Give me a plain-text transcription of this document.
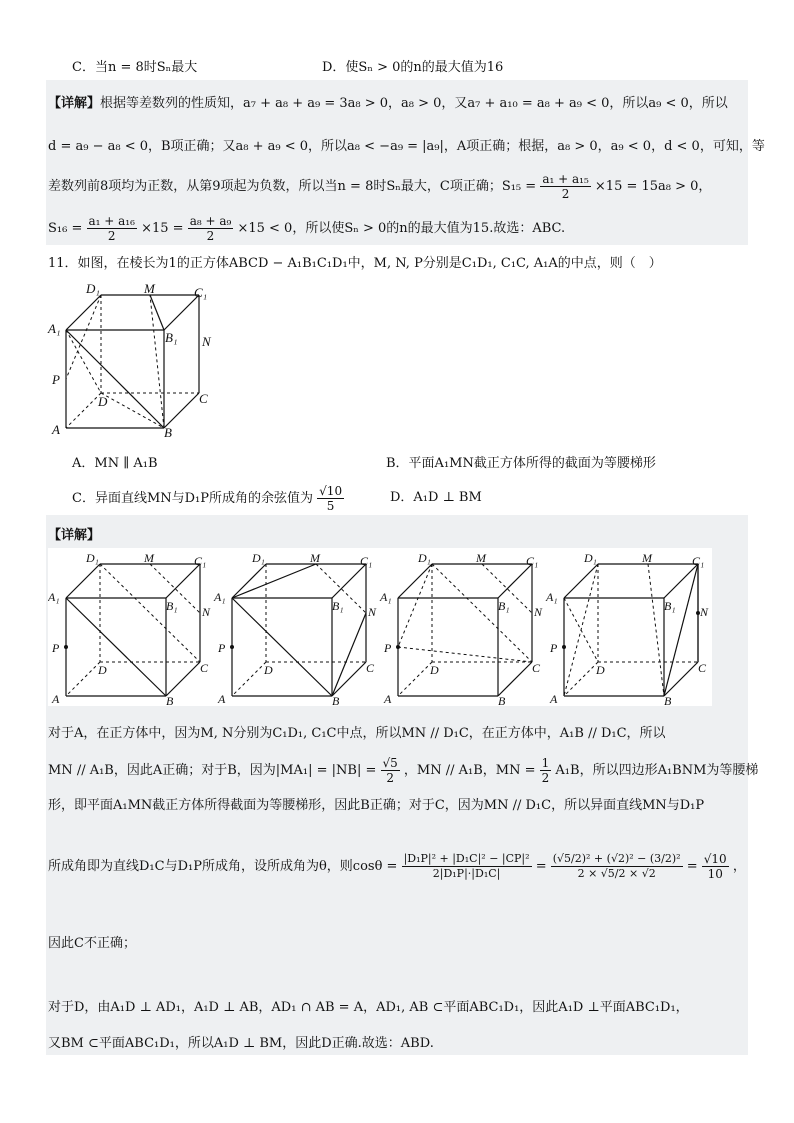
C．当n = 8时Sₙ最大	D．使Sₙ > 0的n的最大值为16
【详解】根据等差数列的性质知，a₇ + a₈ + a₉ = 3a₈ > 0，a₈ > 0，又a₇ + a₁₀ = a₈ + a₉ < 0，所以a₉ < 0，所以
d = a₉ − a₈ < 0，B项正确；又a₈ + a₉ < 0，所以a₈ < −a₉ = |a₉|，A项正确；根据，a₈ > 0，a₉ < 0，d < 0，可知，等
差数列前8项均为正数，从第9项起为负数，所以当n = 8时Sₙ最大，C项正确；$S_{15} = \frac{\text{a₁ + a₁₅}}{2} \times 15 = 15a_8 > 0$，
$S_{16} = \frac{\text{a₁ + a₁₆}}{2} \times 15 = \frac{\text{a₈ + a₉}}{2} \times 15 < 0$，所以使Sₙ > 0的n的最大值为15.故选：ABC.
11．如图，在棱长为1的正方体ABCD − A₁B₁C₁D₁中，M, N, P分别是C₁D₁, C₁C, A₁A的中点，则（　）
D₁	M	C₁
A₁
B₁ N
P
D	C
A	B
A．MN ∥ A₁B	B．平面A₁MN截正方体所得的截面为等腰梯形
C．异面直线MN与D₁P所成角的余弦值为 $\frac{√10}{5}$	D．A₁D ⊥ BM
【详解】
D₁	M	C₁
A₁
B₁ N
P
D	C
A	B
D₁	M	C₁
A₁
B₁ N
P
D	C
A	B
D₁	M	C₁
A₁
B₁ N
P
D	C
A	B
D₁	M	C₁
A₁
B₁ N
P
D	C
A	B
对于A，在正方体中，因为M, N分别为C₁D₁, C₁C中点，所以MN // D₁C，在正方体中，A₁B // D₁C，所以
MN // A₁B，因此A正确；对于B，因为$|MA_1| = |NB| = \frac{√5}{2}$ ，MN // A₁B，MN = $\frac{1}{2} A_1B$，所以四边形A₁BNM为等腰梯
形，即平面A₁MN截正方体所得截面为等腰梯形，因此B正确；对于C，因为MN // D₁C，所以异面直线MN与D₁P
所成角即为直线D₁C与D₁P所成角，设所成角为θ，则$\cos\theta = \frac{\text{|D₁P|² + |D₁C|² − |CP|²}}{\text{2|D₁P|·|D₁C|}} = \frac{\text{(√5/2)² + (√2)² − (3/2)²}}{2 \times √5/2 \times √2} = \frac{√10}{10}$ ，
因此C不正确；
对于D，由A₁D ⊥ AD₁，A₁D ⊥ AB，AD₁ ∩ AB = A，AD₁, AB ⊂平面ABC₁D₁，因此A₁D ⊥平面ABC₁D₁，
又BM ⊂平面ABC₁D₁，所以A₁D ⊥ BM，因此D正确.故选：ABD.
